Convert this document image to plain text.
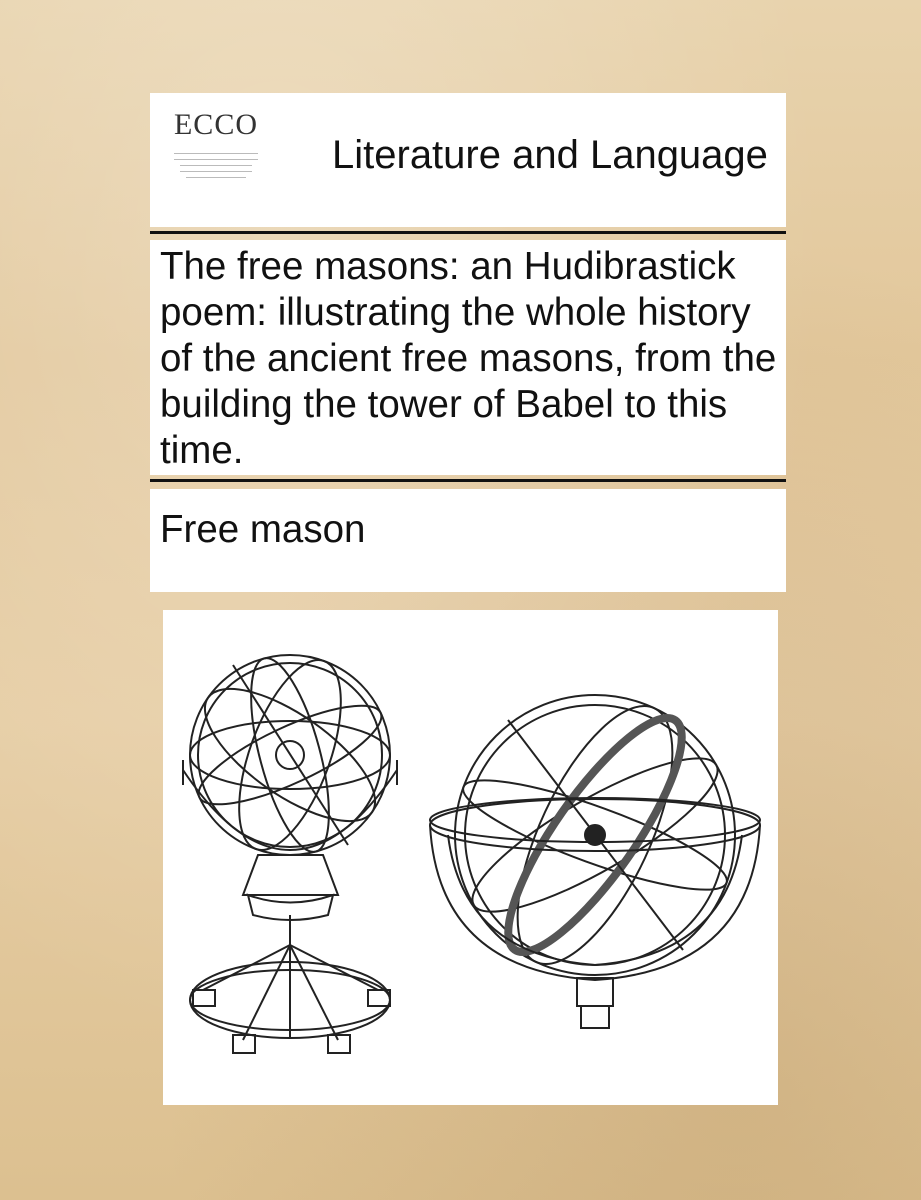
ECCO
Literature and Language
The free masons: an Hudibrastick poem: illustrating the whole history of the ancient free masons, from the building the tower of Babel to this time.
Free mason
